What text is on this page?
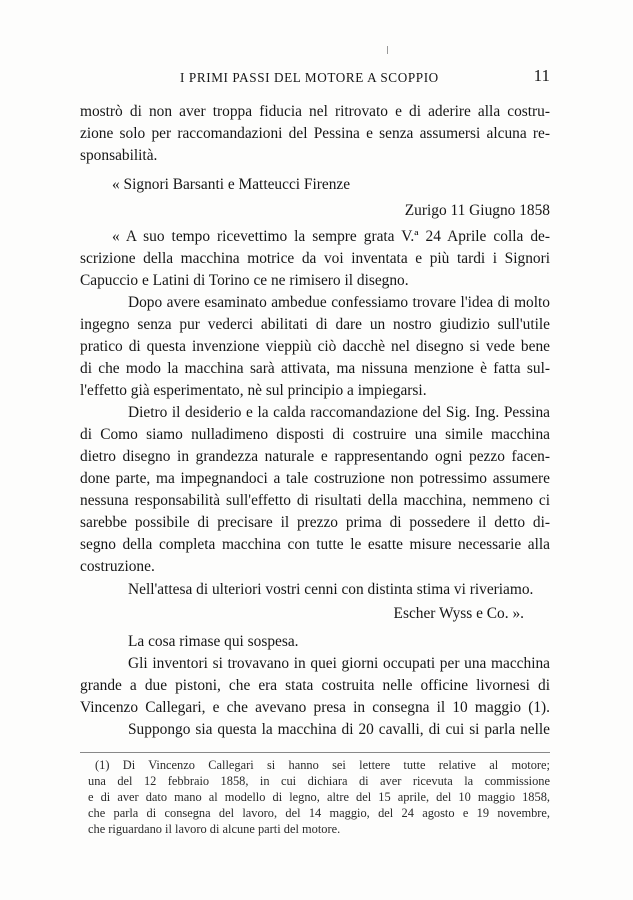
I PRIMI PASSI DEL MOTORE A SCOPPIO	11
mostrò di non aver troppa fiducia nel ritrovato e di aderire alla costru-
zione solo per raccomandazioni del Pessina e senza assumersi alcuna re-
sponsabilità.
« Signori Barsanti e Matteucci Firenze
Zurigo 11 Giugno 1858
« A suo tempo ricevettimo la sempre grata V.ª 24 Aprile colla de-
scrizione della macchina motrice da voi inventata e più tardi i Signori
Capuccio e Latini di Torino ce ne rimisero il disegno.
Dopo avere esaminato ambedue confessiamo trovare l'idea di molto
ingegno senza pur vederci abilitati di dare un nostro giudizio sull'utile
pratico di questa invenzione vieppiù ciò dacchè nel disegno si vede bene
di che modo la macchina sarà attivata, ma nissuna menzione è fatta sul-
l'effetto già esperimentato, nè sul principio a impiegarsi.
Dietro il desiderio e la calda raccomandazione del Sig. Ing. Pessina
di Como siamo nulladimeno disposti di costruire una simile macchina
dietro disegno in grandezza naturale e rappresentando ogni pezzo facen-
done parte, ma impegnandoci a tale costruzione non potressimo assumere
nessuna responsabilità sull'effetto di risultati della macchina, nemmeno ci
sarebbe possibile di precisare il prezzo prima di possedere il detto di-
segno della completa macchina con tutte le esatte misure necessarie alla
costruzione.
Nell'attesa di ulteriori vostri cenni con distinta stima vi riveriamo.
Escher Wyss e Co. ».
La cosa rimase qui sospesa.
Gli inventori si trovavano in quei giorni occupati per una macchina
grande a due pistoni, che era stata costruita nelle officine livornesi di
(1) Di Vincenzo Callegari si hanno sei lettere tutte relative al motore;
una del 12 febbraio 1858, in cui dichiara di aver ricevuta la commissione
e di aver dato mano al modello di legno, altre del 15 aprile, del 10 maggio 1858,
che parla di consegna del lavoro, del 14 maggio, del 24 agosto e 19 novembre,
che riguardano il lavoro di alcune parti del motore.
Vincenzo Callegari, e che avevano presa in consegna il 10 maggio (1).
Suppongo sia questa la macchina di 20 cavalli, di cui si parla nelle
